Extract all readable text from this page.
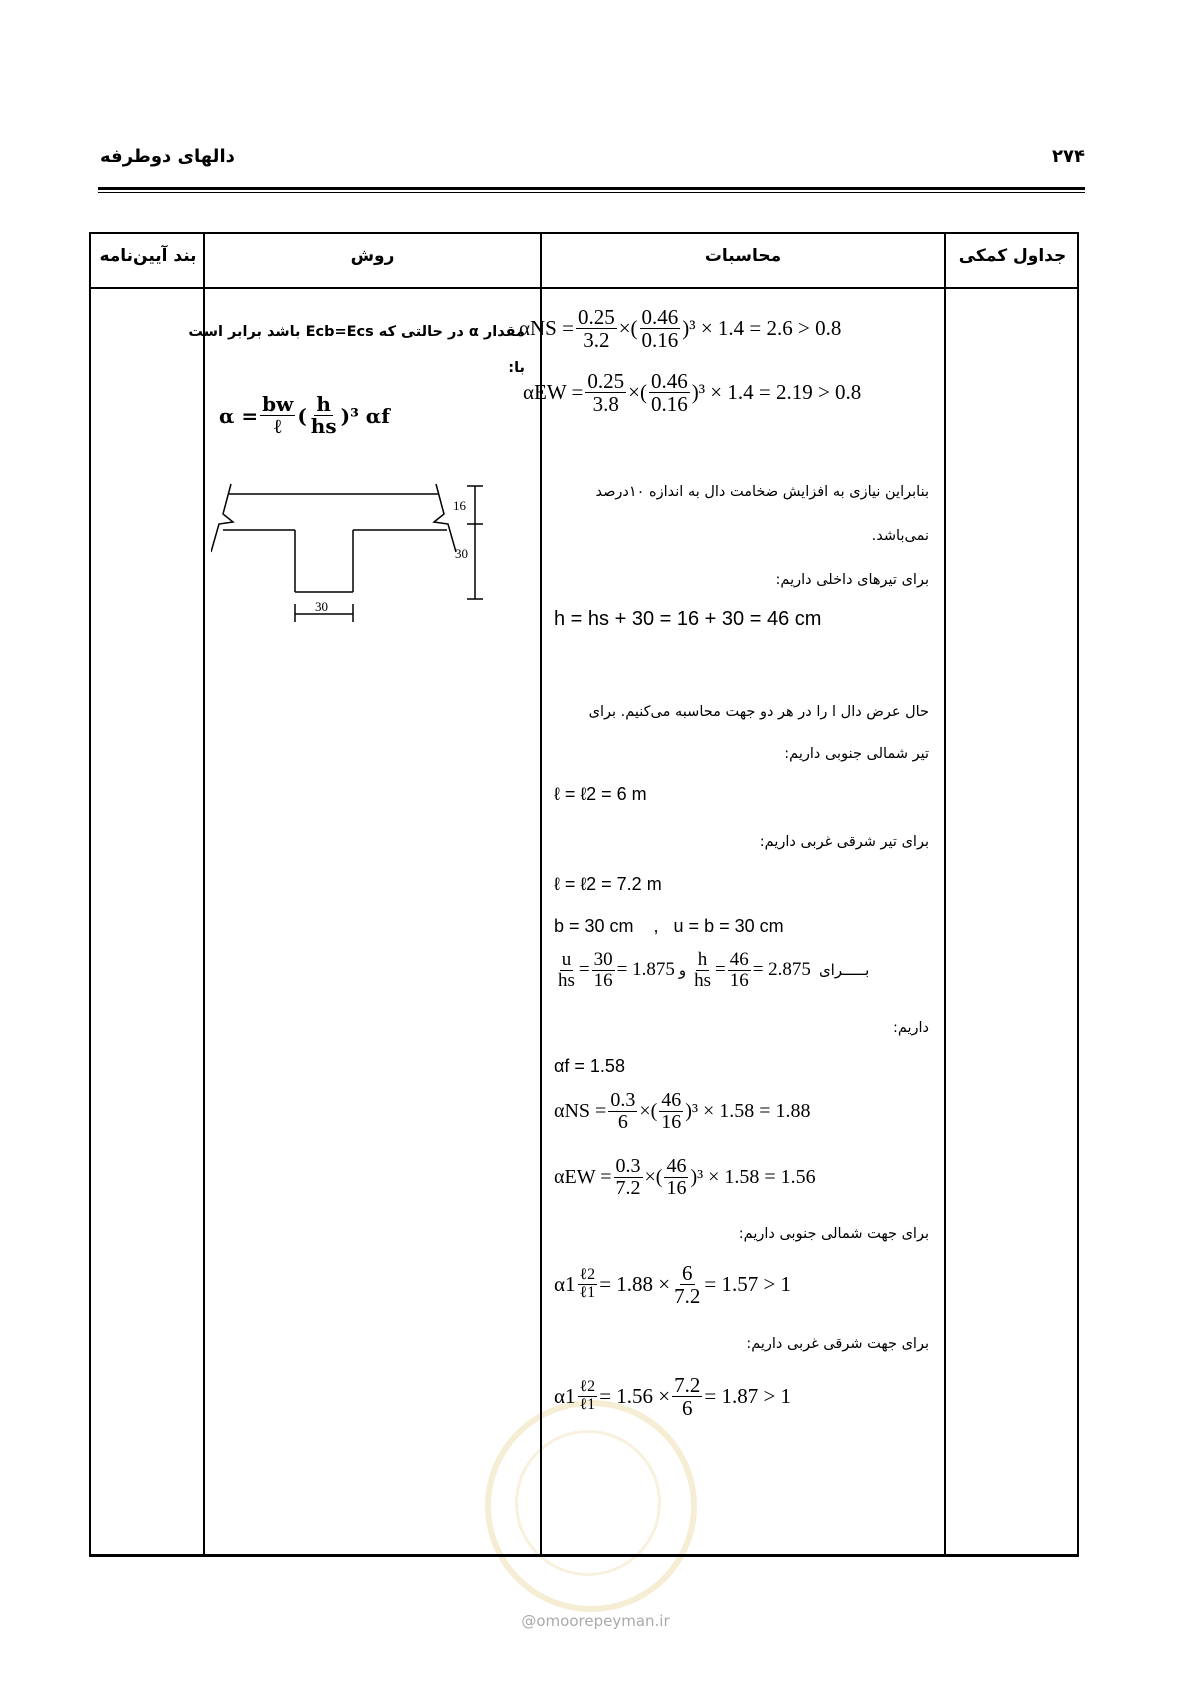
دالهای دوطرفه	۲۷۴
بند آیین‌نامه	روش	محاسبات	جداول کمکی
مقدار α در حالتی که Ecb=Ecs باشد برابر است
با:
$\alpha = \frac{bw}{\text{ℓ}}$ ( $\frac{h}{hs}$ ) ³ αf
16
30
30
$\alpha NS = \frac{0.25}{3.2}$ ×( $\frac{0.46}{0.16}$ ) ³ × 1.4 = 2.6 > 0.8
$\alpha EW = \frac{0.25}{3.8}$ ×( $\frac{0.46}{0.16}$ ) ³ × 1.4 = 2.19 > 0.8
بنابراین نیازی به افزایش ضخامت دال به اندازه ۱۰درصد
نمی‌باشد.
برای تیرهای داخلی داریم:
h = hs + 30 = 16 + 30 = 46 cm
حال عرض دال l را در هر دو جهت محاسبه می‌کنیم. برای
تیر شمالی جنوبی داریم:
ℓ = ℓ2 = 6 m
برای تیر شرقی غربی داریم:
ℓ = ℓ2 = 7.2 m
b = 30 cm    ,   u = b = 30 cm
$\frac{u}{hs} = \frac{30}{16} = 1.875$ و $\frac{h}{hs} = \frac{46}{16} = 2.875$ بـــــرای
داریم:
αf = 1.58
$\alpha NS = \frac{0.3}{6}$ ×( $\frac{46}{16}$ ) ³ × 1.58 = 1.88
$\alpha EW = \frac{0.3}{7.2}$ ×( $\frac{46}{16}$ ) ³ × 1.58 = 1.56
برای جهت شمالی جنوبی داریم:
$\alpha 1 \frac{\text{ℓ2}}{\text{ℓ1}} = 1.88 \times \frac{6}{7.2} = 1.57 > 1$
برای جهت شرقی غربی داریم:
$\alpha 1 \frac{\text{ℓ2}}{\text{ℓ1}} = 1.56 \times \frac{7.2}{6} = 1.87 > 1$
@omoorepeyman.ir
